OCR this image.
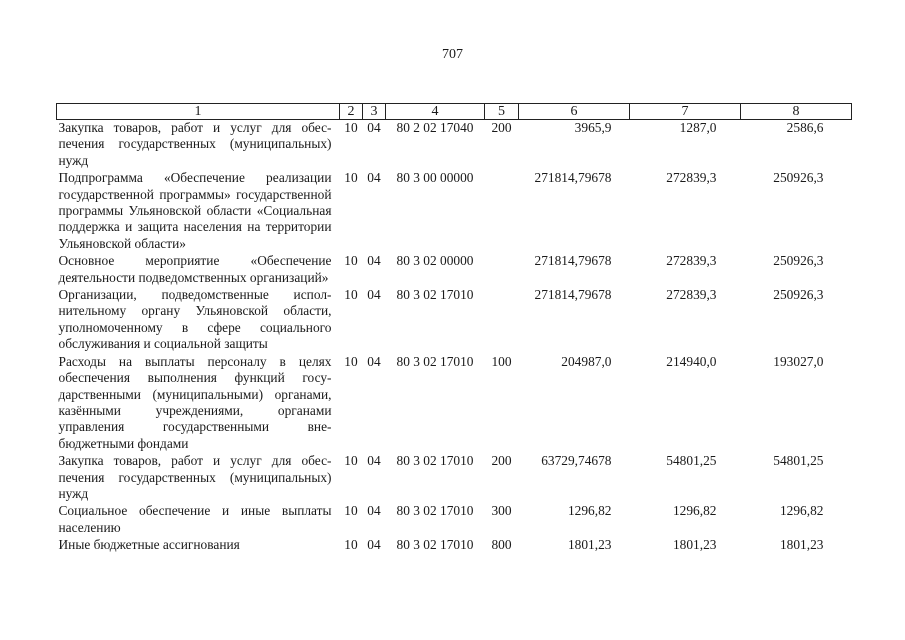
707
1	2	3	4	5	6	7	8
Закупка товаров, работ и услуг для обеспечения государственных (муниципальных) нужд	10	04	80 2 02 17040	200	3965,9	1287,0	2586,6
Подпрограмма «Обеспечение реализации государственной программы» государственной программы Ульяновской области «Социальная поддержка и защита населения на территории Ульяновской области»	10	04	80 3 00 00000		271814,79678	272839,3	250926,3
Основное мероприятие «Обеспечение деятельности подведомственных организаций»	10	04	80 3 02 00000		271814,79678	272839,3	250926,3
Организации, подведомственные исполнительному органу Ульяновской области, уполномоченному в сфере социального обслуживания и социальной защиты	10	04	80 3 02 17010		271814,79678	272839,3	250926,3
Расходы на выплаты персоналу в целях обеспечения выполнения функций государственными (муниципальными) органами, казёнными учреждениями, органами управления государственными внебюджетными фондами	10	04	80 3 02 17010	100	204987,0	214940,0	193027,0
Закупка товаров, работ и услуг для обеспечения государственных (муниципальных) нужд	10	04	80 3 02 17010	200	63729,74678	54801,25	54801,25
Социальное обеспечение и иные выплаты населению	10	04	80 3 02 17010	300	1296,82	1296,82	1296,82
Иные бюджетные ассигнования	10	04	80 3 02 17010	800	1801,23	1801,23	1801,23
